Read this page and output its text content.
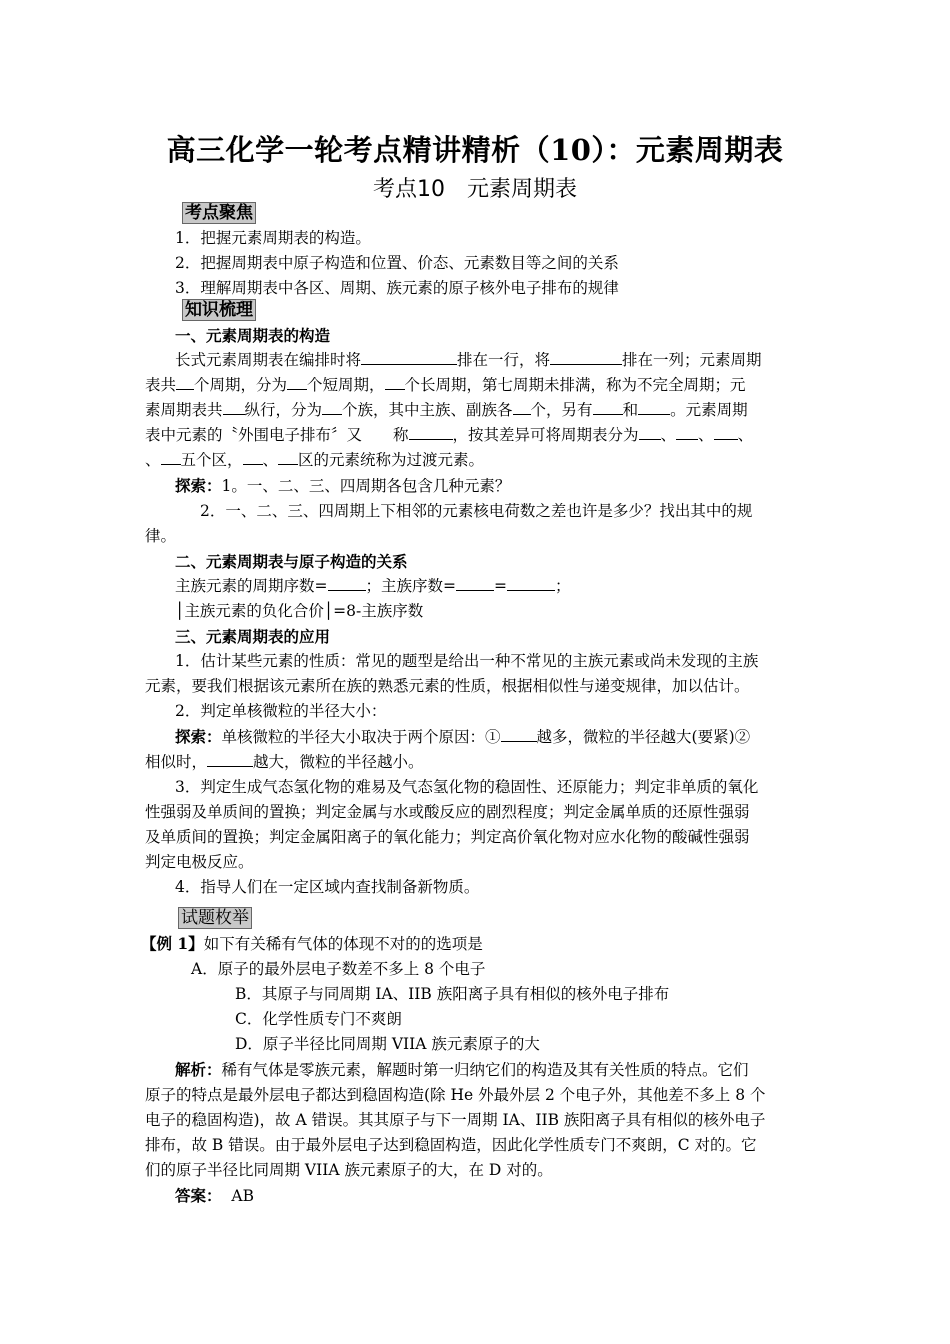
高三化学一轮考点精讲精析（10）：元素周期表
考点10　元素周期表
考点聚焦
1．把握元素周期表的构造。
2．把握周期表中原子构造和位置、价态、元素数目等之间的关系
3．理解周期表中各区、周期、族元素的原子核外电子排布的规律
知识梳理
一、元素周期表的构造
长式元素周期表在编排时将	排在一行，将	排在一列；元素周期
表共 个周期，分为 个短周期， 个长周期，第七周期未排满，称为不完全周期；元
素周期表共 纵行，分为 个族，其中主族、副族各 个，另有 和 。元素周期
表中元素的〝外围电子排布〞又　　称	，按其差异可将周期表分为 、 、 、
、 五个区， 、 区的元素统称为过渡元素。
探索：1。一、二、三、四周期各包含几种元素？
2．一、二、三、四周期上下相邻的元素核电荷数之差也许是多少？找出其中的规
律。
二、元素周期表与原子构造的关系
主族元素的周期序数= ；主族序数= =	；
│主族元素的负化合价│=8-主族序数
三、元素周期表的应用
1．估计某些元素的性质：常见的题型是给出一种不常见的主族元素或尚未发现的主族
元素，要我们根据该元素所在族的熟悉元素的性质，根据相似性与递变规律，加以估计。
2．判定单核微粒的半径大小：
探索：单核微粒的半径大小取决于两个原因：① 越多，微粒的半径越大(要紧)②
相似时，	越大，微粒的半径越小。
3．判定生成气态氢化物的难易及气态氢化物的稳固性、还原能力；判定非单质的氧化
性强弱及单质间的置换；判定金属与水或酸反应的剧烈程度；判定金属单质的还原性强弱
及单质间的置换；判定金属阳离子的氧化能力；判定高价氧化物对应水化物的酸碱性强弱
判定电极反应。
4．指导人们在一定区域内查找制备新物质。
试题枚举
【例 1】如下有关稀有气体的体现不对的的选项是
A．原子的最外层电子数差不多上 8 个电子
B．其原子与同周期 IA、IIB 族阳离子具有相似的核外电子排布
C．化学性质专门不爽朗
D．原子半径比同周期 VIIA 族元素原子的大
解析：稀有气体是零族元素，解题时第一归纳它们的构造及其有关性质的特点。它们
原子的特点是最外层电子都达到稳固构造(除 He 外最外层 2 个电子外，其他差不多上 8 个
电子的稳固构造)，故 A 错误。其其原子与下一周期 IA、IIB 族阳离子具有相似的核外电子
排布，故 B 错误。由于最外层电子达到稳固构造，因此化学性质专门不爽朗，C 对的。它
们的原子半径比同周期 VIIA 族元素原子的大，在 D 对的。
答案： AB
